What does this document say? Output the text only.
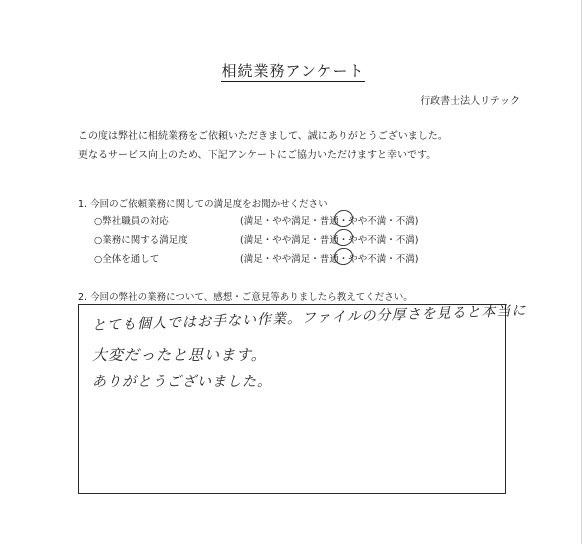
相続業務アンケート
行政書士法人リテック
この度は弊社に相続業務をご依頼いただきまして、誠にありがとうございました。
更なるサービス向上のため、下記アンケートにご協力いただけますと幸いです。
1. 今回のご依頼業務に関しての満足度をお聞かせください
○弊社職員の対応	(満足・やや満足・普通・やや不満・不満)
○業務に関する満足度	(満足・やや満足・普通・やや不満・不満)
○全体を通して	(満足・やや満足・普通・やや不満・不満)
2. 今回の弊社の業務について、感想・ご意見等ありましたら教えてください。
とても個人ではお手ない作業。ファイルの分厚さを見ると本当に
大変だったと思います。
ありがとうございました。
